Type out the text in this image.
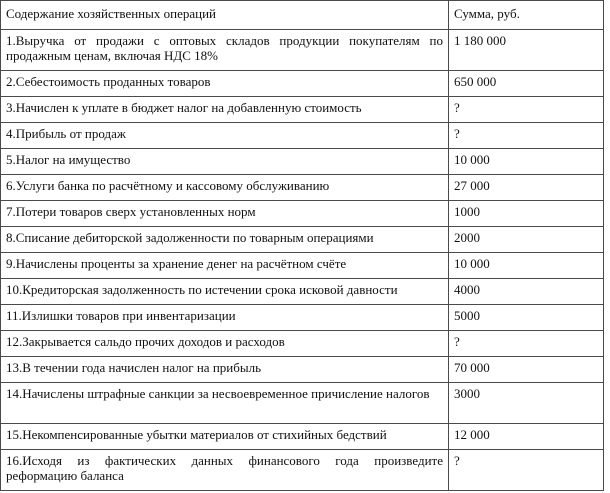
Содержание хозяйственных операций	Сумма, руб.
1.Выручка от продажи с оптовых складов продукции покупателям по продажным ценам, включая НДС 18%	1 180 000
2.Себестоимость проданных товаров	650 000
3.Начислен к уплате в бюджет налог на добавленную стоимость	?
4.Прибыль от продаж	?
5.Налог на имущество	10 000
6.Услуги банка по расчётному и кассовому обслуживанию	27 000
7.Потери товаров сверх установленных норм	1000
8.Списание дебиторской задолженности по товарным операциями	2000
9.Начислены проценты за хранение денег на расчётном счёте	10 000
10.Кредиторская задолженность по истечении срока исковой давности	4000
11.Излишки товаров при инвентаризации	5000
12.Закрывается сальдо прочих доходов и расходов	?
13.В течении года начислен налог на прибыль	70 000
14.Начислены штрафные санкции за несвоевременное причисление налогов	3000
15.Некомпенсированные убытки материалов от стихийных бедствий	12 000
16.Исходя из фактических данных финансового года произведите реформацию баланса	?
